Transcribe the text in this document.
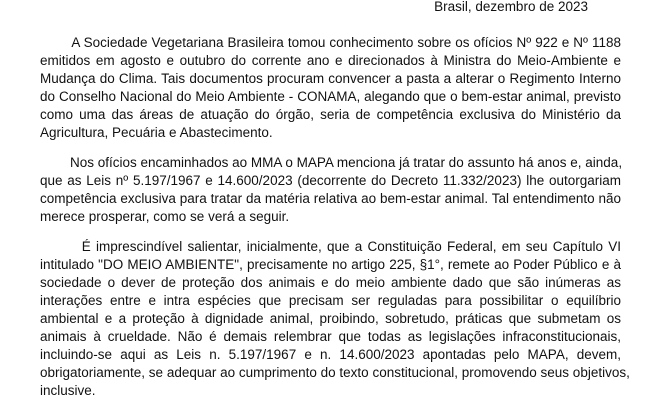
Brasil, dezembro de 2023
A Sociedade Vegetariana Brasileira tomou conhecimento sobre os ofícios Nº 922 e Nº 1188
emitidos em agosto e outubro do corrente ano e direcionados à Ministra do Meio-Ambiente e
Mudança do Clima. Tais documentos procuram convencer a pasta a alterar o Regimento Interno
do Conselho Nacional do Meio Ambiente - CONAMA, alegando que o bem-estar animal, previsto
como uma das áreas de atuação do órgão, seria de competência exclusiva do Ministério da
Agricultura, Pecuária e Abastecimento.
Nos ofícios encaminhados ao MMA o MAPA menciona já tratar do assunto há anos e, ainda,
que as Leis nº 5.197/1967 e 14.600/2023 (decorrente do Decreto 11.332/2023) lhe outorgariam
competência exclusiva para tratar da matéria relativa ao bem-estar animal. Tal entendimento não
merece prosperar, como se verá a seguir.
É imprescindível salientar, inicialmente, que a Constituição Federal, em seu Capítulo VI
intitulado "DO MEIO AMBIENTE", precisamente no artigo 225, §1°, remete ao Poder Público e à
sociedade o dever de proteção dos animais e do meio ambiente dado que são inúmeras as
interações entre e intra espécies que precisam ser reguladas para possibilitar o equilíbrio
ambiental e a proteção à dignidade animal, proibindo, sobretudo, práticas que submetam os
animais à crueldade. Não é demais relembrar que todas as legislações infraconstitucionais,
incluindo-se aqui as Leis n. 5.197/1967 e n. 14.600/2023 apontadas pelo MAPA, devem,
obrigatoriamente, se adequar ao cumprimento do texto constitucional, promovendo seus objetivos,
inclusive.
